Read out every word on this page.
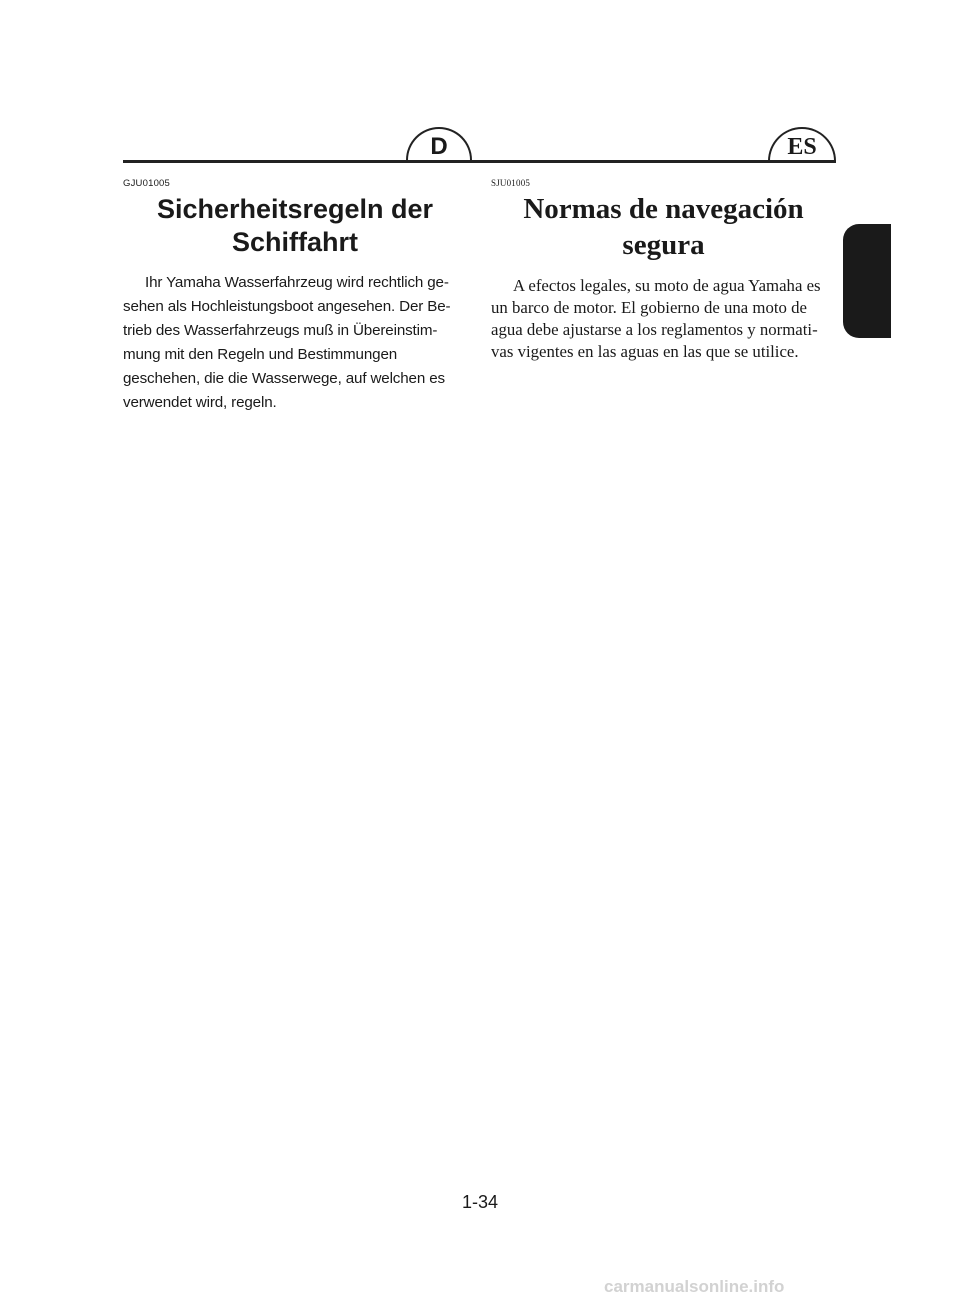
D	ES

GJU01005

Sicherheitsregeln der
Schiffahrt
Ihr Yamaha Wasserfahrzeug wird rechtlich ge-
sehen als Hochleistungsboot angesehen. Der Be-
trieb des Wasserfahrzeugs muß in Übereinstim-
mung mit den Regeln und Bestimmungen
geschehen, die die Wasserwege, auf welchen es
verwendet wird, regeln.

SJU01005

Normas de navegación
segura
A efectos legales, su moto de agua Yamaha es
un barco de motor. El gobierno de una moto de
agua debe ajustarse a los reglamentos y normati-
vas vigentes en las aguas en las que se utilice.
1-34
carmanualsonline.info
